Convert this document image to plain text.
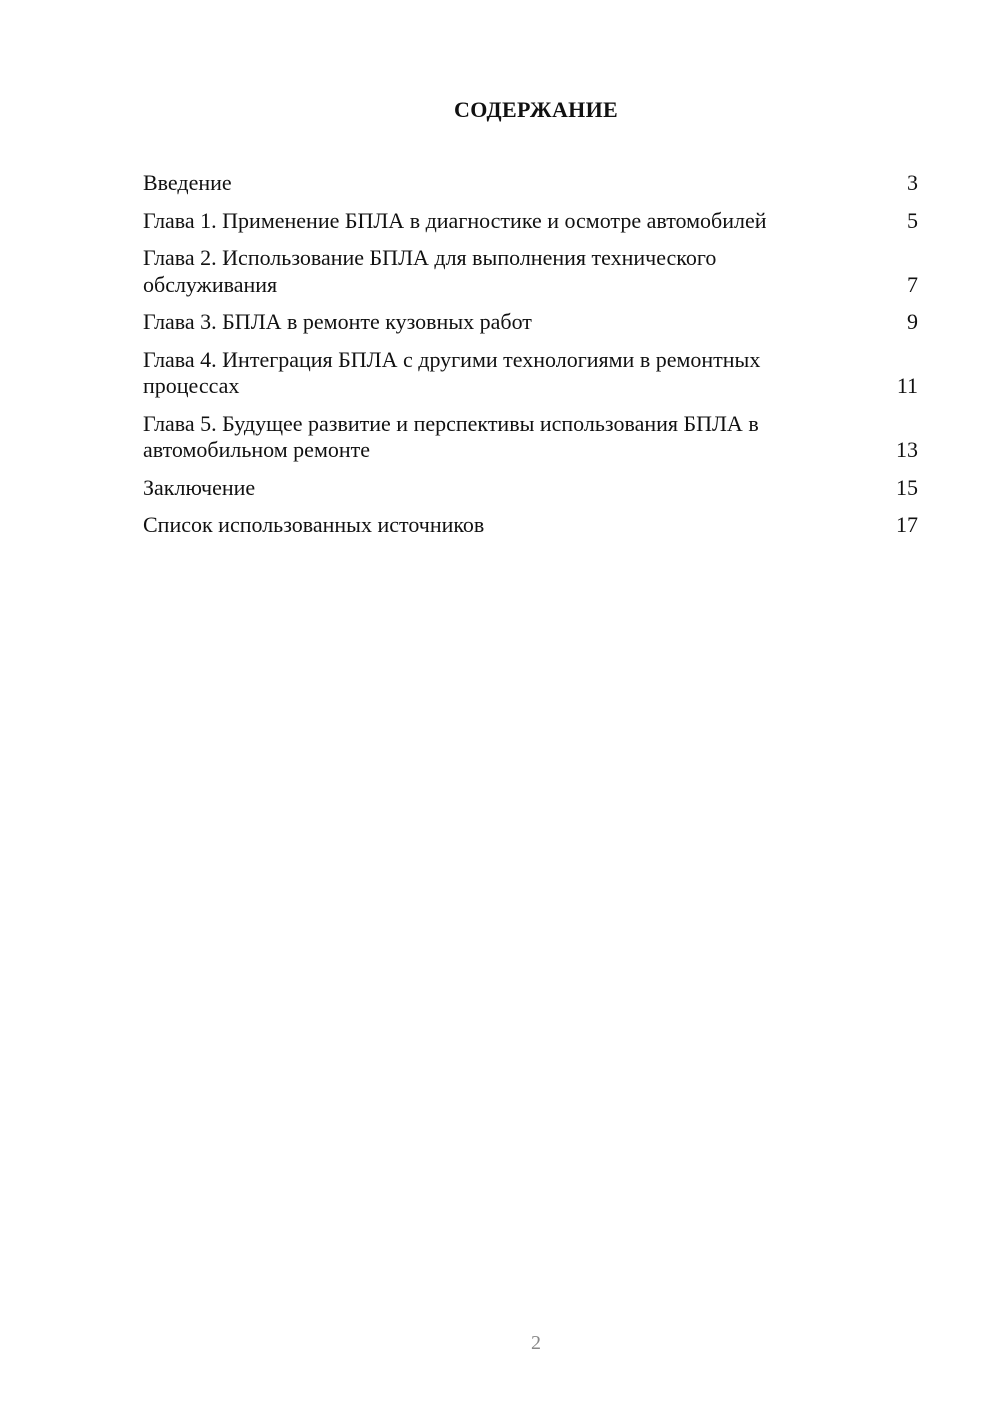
СОДЕРЖАНИЕ
Введение	3
Глава 1. Применение БПЛА в диагностике и осмотре автомобилей	5
Глава 2. Использование БПЛА для выполнения технического обслуживания	7
Глава 3. БПЛА в ремонте кузовных работ	9
Глава 4. Интеграция БПЛА с другими технологиями в ремонтных процессах	11
Глава 5. Будущее развитие и перспективы использования БПЛА в автомобильном ремонте	13
Заключение	15
Список использованных источников	17
2
